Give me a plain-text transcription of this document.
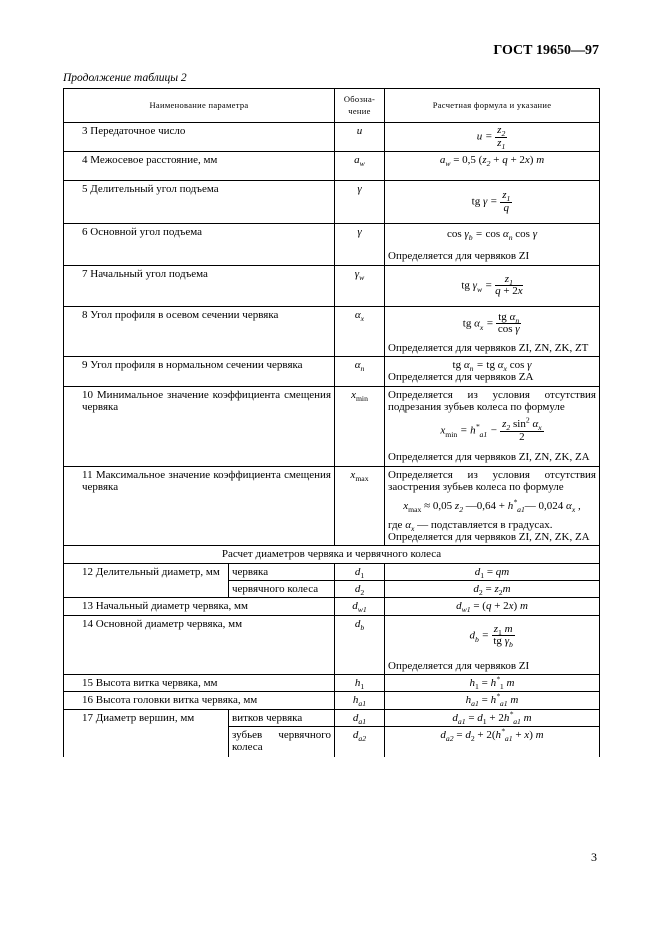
ГОСТ 19650—97
Продолжение таблицы 2
Наименование параметра		Обозна-
чение	Расчетная формула и указание
3 Передаточное число		u	$u = \frac{z_2}{z_1}$

4 Межосевое расстояние, мм		$a_w$	$a_w = 0,5$ $(z_2 + q + 2x)$ m
5 Делительный угол подъема		γ	tg $\gamma = \frac{z_1}{q}$

6 Основной угол подъема		γ	$\cos \gamma_b = \cos \alpha_n$ cos γ
Определяется для червяков ZI

7 Начальный угол подъема		$\gamma_w$	tg $\gamma_w = \frac{z_1}{q + 2x}$

8 Угол профиля в осевом сечении червяка		$\alpha_x$	tg $\alpha_x = \frac{tg \alpha_n}{\text{cos γ}}$
Определяется для червяков ZI, ZN, ZK, ZT

9 Угол профиля в нормальном сечении червяка		$\alpha_n$	tg $\alpha_n$ = tg $\alpha_x$ cos γ
Определяется для червяков ZA

10 Минимальное значение коэффициента смещения червяка		$x_{min}$	Определяется из условия отсутствия подрезания зубьев колеса по формуле
$x_{min} = h^*_{a1} - \frac{z_2 \sin^2 \alpha_x}{2}$
Определяется для червяков ZI, ZN, ZK, ZA

11 Максимальное значение коэффициента смещения червяка		$x_{max}$	Определяется из условия отсутствия заострения зубьев колеса по формуле
$x_{max} \approx 0,05$ $z_2$ —0,64 + $h^*_{a1}—$ 0,024 $\alpha_x$ ,
где $\alpha_x$ — подставляется в градусах.
Определяется для червяков ZI, ZN, ZK, ZA

Расчет диаметров червяка и червячного колеса			
12 Делительный диаметр, мм	червяка	$d_1$	$d_1$ = qm
	червячного колеса	$d_2$	$d_2 = z_2m$
13 Начальный диаметр червяка, мм		$d_{w1}$	$d_{w1} = (q + 2x)$ m
14 Основной диаметр червяка, мм		$d_b$	$d_b = \frac{z_1 m}{tg \gamma_b}$
Определяется для червяков ZI

15 Высота витка червяка, мм		$h_1$	$h_1 = h^*_1$ m
16 Высота головки витка червяка, мм		$h_{a1}$	$h_{a1} = h^*_{a1}$ m
17 Диаметр вершин, мм	витков червяка	$d_{a1}$	$d_{a1} = d_1 + 2h^*_{a1}$ m
	зубьев червячного колеса	$d_{a2}$	$d_{a2} = d_2 + 2(h^*_{a1} + x)$ m
3
